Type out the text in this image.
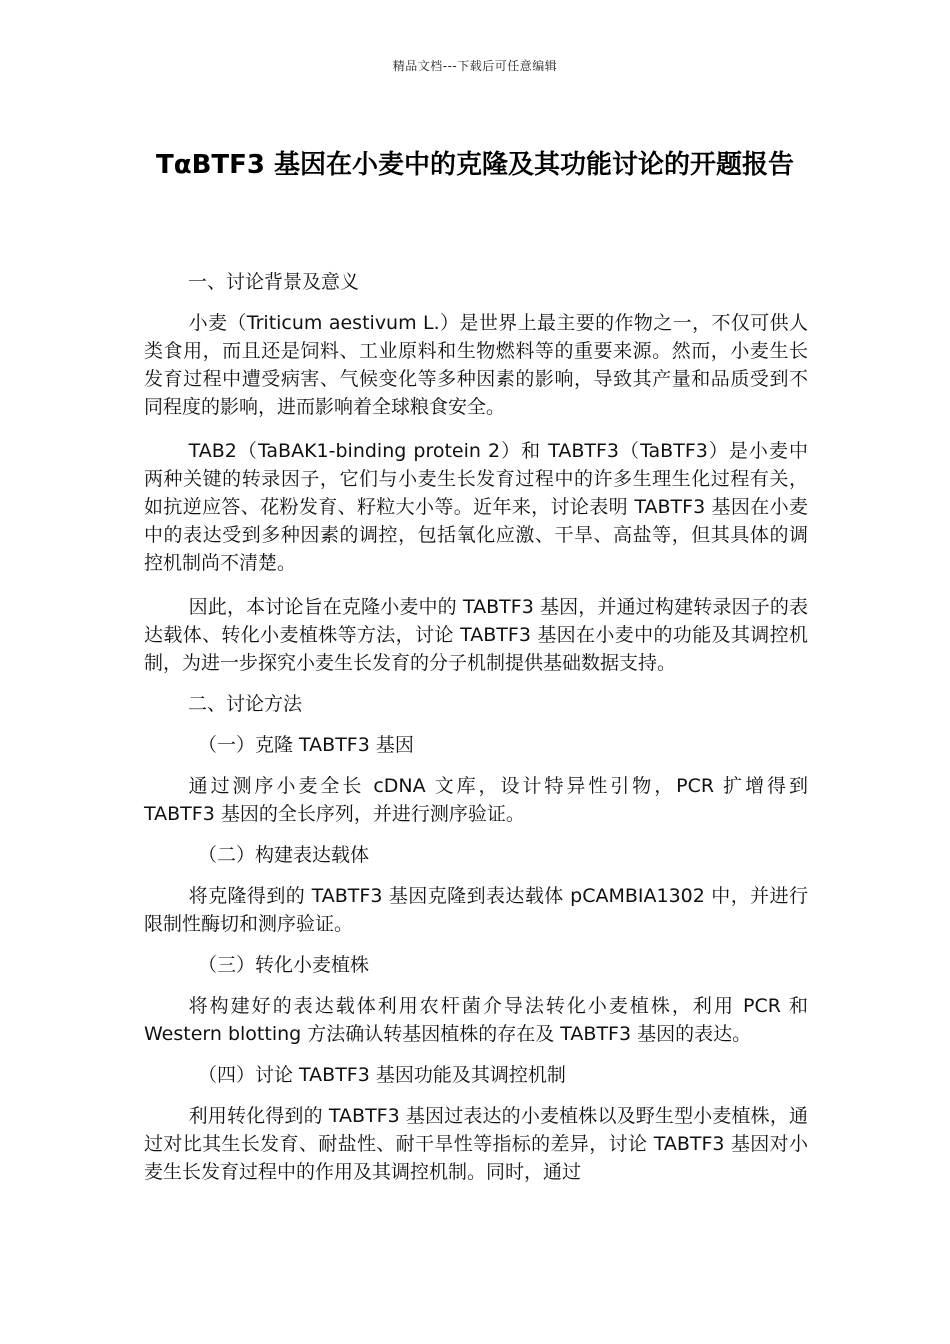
精品文档---下载后可任意编辑
TαBTF3 基因在小麦中的克隆及其功能讨论的开题报告
一、讨论背景及意义

小麦（Triticum aestivum L.）是世界上最主要的作物之一，不仅可供人类食用，而且还是饲料、工业原料和生物燃料等的重要来源。然而，小麦生长发育过程中遭受病害、气候变化等多种因素的影响，导致其产量和品质受到不同程度的影响，进而影响着全球粮食安全。

TAB2（TaBAK1-binding protein 2）和 TABTF3（TaBTF3）是小麦中两种关键的转录因子，它们与小麦生长发育过程中的许多生理生化过程有关，如抗逆应答、花粉发育、籽粒大小等。近年来，讨论表明 TABTF3 基因在小麦中的表达受到多种因素的调控，包括氧化应激、干旱、高盐等，但其具体的调控机制尚不清楚。

因此，本讨论旨在克隆小麦中的 TABTF3 基因，并通过构建转录因子的表达载体、转化小麦植株等方法，讨论 TABTF3 基因在小麦中的功能及其调控机制，为进一步探究小麦生长发育的分子机制提供基础数据支持。

二、讨论方法
（一）克隆 TABTF3 基因

通过测序小麦全长 cDNA 文库，设计特异性引物，PCR 扩增得到 TABTF3 基因的全长序列，并进行测序验证。

（二）构建表达载体

将克隆得到的 TABTF3 基因克隆到表达载体 pCAMBIA1302 中，并进行限制性酶切和测序验证。

（三）转化小麦植株

将构建好的表达载体利用农杆菌介导法转化小麦植株，利用 PCR 和 Western blotting 方法确认转基因植株的存在及 TABTF3 基因的表达。

（四）讨论 TABTF3 基因功能及其调控机制

利用转化得到的 TABTF3 基因过表达的小麦植株以及野生型小麦植株，通过对比其生长发育、耐盐性、耐干旱性等指标的差异，讨论 TABTF3 基因对小麦生长发育过程中的作用及其调控机制。同时，通过
